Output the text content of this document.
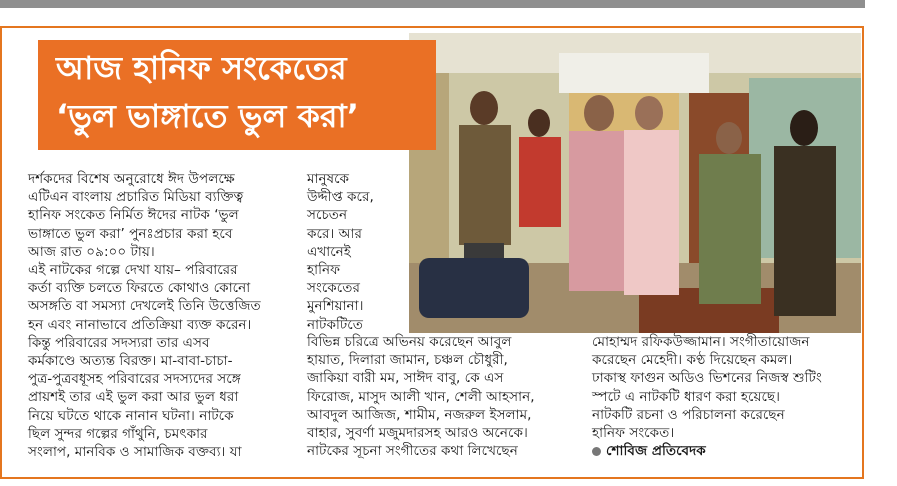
আজ হানিফ সংকেতের
‘ভুল ভাঙ্গাতে ভুল করা’

দর্শকদের বিশেষ অনুরোধে ঈদ উপলক্ষে

এটিএন বাংলায় প্রচারিত মিডিয়া ব্যক্তিত্ব

হানিফ সংকেত নির্মিত ঈদের নাটক ‘ভুল

ভাঙ্গাতে ভুল করা’ পুনঃপ্রচার করা হবে

আজ রাত ০৯:০০ টায়।

এই নাটকের গল্পে দেখা যায়– পরিবারের

কর্তা ব্যক্তি চলতে ফিরতে কোথাও কোনো

অসঙ্গতি বা সমস্যা দেখলেই তিনি উত্তেজিত

হন এবং নানাভাবে প্রতিক্রিয়া ব্যক্ত করেন।

কিন্তু পরিবারের সদস্যরা তার এসব

কর্মকাণ্ডে অত্যন্ত বিরক্ত। মা-বাবা-চাচা-

পুত্র-পুত্রবধূসহ পরিবারের সদস্যদের সঙ্গে

প্রায়শই তার এই ভুল করা আর ভুল ধরা

নিয়ে ঘটতে থাকে নানান ঘটনা। নাটকে

ছিল সুন্দর গল্পের গাঁথুনি, চমৎকার

সংলাপ, মানবিক ও সামাজিক বক্তব্য। যা

মানুষকে

উদ্দীপ্ত করে,

সচেতন

করে। আর

এখানেই

হানিফ

সংকেতের

মুনশিয়ানা।

নাটকটিতে

বিভিন্ন চরিত্রে অভিনয় করেছেন আবুল

হায়াত, দিলারা জামান, চঞ্চল চৌধুরী,

জাকিয়া বারী মম, সাঈদ বাবু, কে এস

ফিরোজ, মাসুদ আলী খান, শেলী আহসান,

আবদুল আজিজ, শামীম, নজরুল ইসলাম,

বাহার, সুবর্ণা মজুমদারসহ আরও অনেকে।

নাটকের সূচনা সংগীতের কথা লিখেছেন

মোহাম্মদ রফিকউজ্জামান। সংগীতায়োজন

করেছেন মেহেদী। কণ্ঠ দিয়েছেন কমল।

ঢাকাস্থ ফাগুন অডিও ভিশনের নিজস্ব শুটিং

স্পটে এ নাটকটি ধারণ করা হয়েছে।

নাটকটি রচনা ও পরিচালনা করেছেন

হানিফ সংকেত।

শোবিজ প্রতিবেদক
